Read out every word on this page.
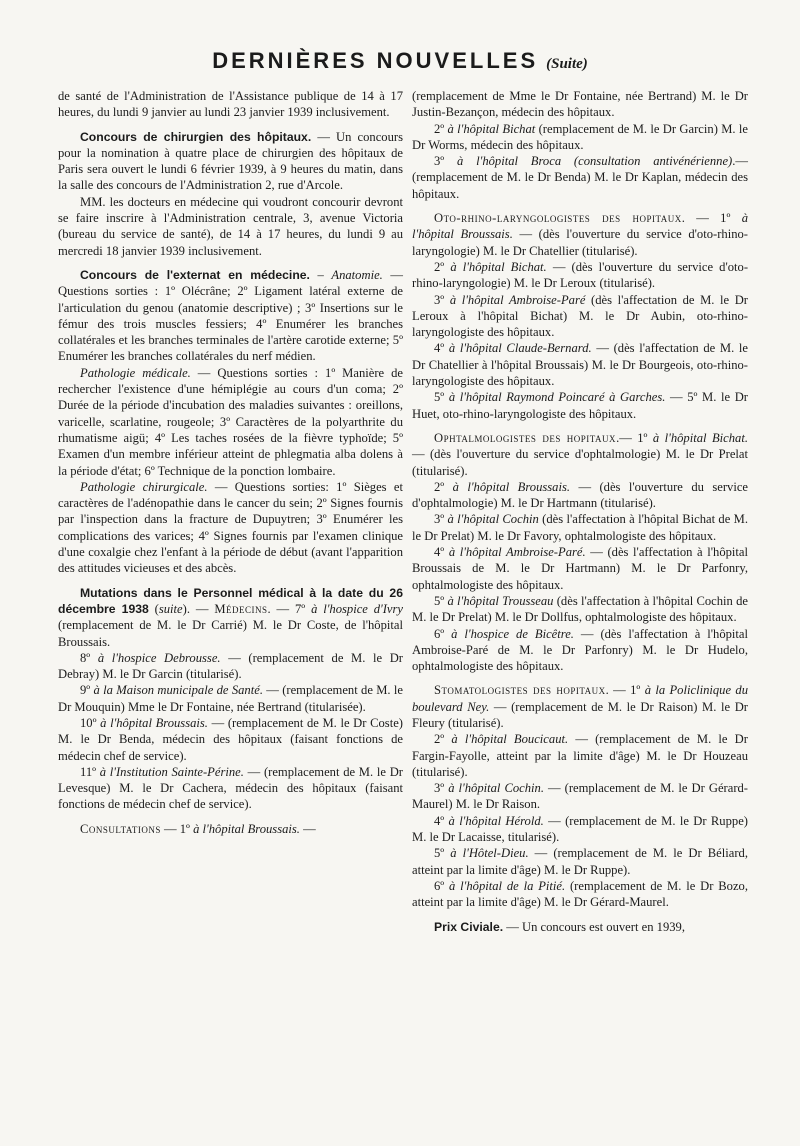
DERNIÈRES NOUVELLES (Suite)

de santé de l'Administration de l'Assistance publique de 14 à 17 heures, du lundi 9 janvier au lundi 23 janvier 1939 inclusivement.

Concours de chirurgien des hôpitaux. — Un concours pour la nomination à quatre place de chirurgien des hôpitaux de Paris sera ouvert le lundi 6 février 1939, à 9 heures du matin, dans la salle des concours de l'Administration 2, rue d'Arcole.

MM. les docteurs en médecine qui voudront concourir devront se faire inscrire à l'Administration centrale, 3, avenue Victoria (bureau du service de santé), de 14 à 17 heures, du lundi 9 au mercredi 18 janvier 1939 inclusivement.

Concours de l'externat en médecine. – Anatomie. — Questions sorties : 1º Olécrâne; 2º Ligament latéral externe de l'articulation du genou (anatomie descriptive) ; 3º Insertions sur le fémur des trois muscles fessiers; 4º Enumérer les branches collatérales et les branches terminales de l'artère carotide externe; 5º Enumérer les branches collatérales du nerf médien.

Pathologie médicale. — Questions sorties : 1º Manière de rechercher l'existence d'une hémiplégie au cours d'un coma; 2º Durée de la période d'incubation des maladies suivantes : oreillons, varicelle, scarlatine, rougeole; 3º Caractères de la polyarthrite du rhumatisme aigü; 4º Les taches rosées de la fièvre typhoïde; 5º Examen d'un membre inférieur atteint de phlegmatia alba dolens à la période d'état; 6º Technique de la ponction lombaire.

Pathologie chirurgicale. — Questions sorties: 1º Sièges et caractères de l'adénopathie dans le cancer du sein; 2º Signes fournis par l'inspection dans la fracture de Dupuytren; 3º Enumérer les complications des varices; 4º Signes fournis par l'examen clinique d'une coxalgie chez l'enfant à la période de début (avant l'apparition des attitudes vicieuses et des abcès.

Mutations dans le Personnel médical à la date du 26 décembre 1938 (suite). — Médecins. — 7º à l'hospice d'Ivry (remplacement de M. le Dr Carrié) M. le Dr Coste, de l'hôpital Broussais.

8º à l'hospice Debrousse. — (remplacement de M. le Dr Debray) M. le Dr Garcin (titularisé).

9º à la Maison municipale de Santé. — (remplacement de M. le Dr Mouquin) Mme le Dr Fontaine, née Bertrand (titularisée).

10º à l'hôpital Broussais. — (remplacement de M. le Dr Coste) M. le Dr Benda, médecin des hôpitaux (faisant fonctions de médecin chef de service).

11º à l'Institution Sainte-Périne. — (remplacement de M. le Dr Levesque) M. le Dr Cachera, médecin des hôpitaux (faisant fonctions de médecin chef de service).

Consultations — 1º à l'hôpital Broussais. —

(remplacement de Mme le Dr Fontaine, née Bertrand) M. le Dr Justin-Bezançon, médecin des hôpitaux.

2º à l'hôpital Bichat (remplacement de M. le Dr Garcin) M. le Dr Worms, médecin des hôpitaux.

3º à l'hôpital Broca (consultation antivénérienne).— (remplacement de M. le Dr Benda) M. le Dr Kaplan, médecin des hôpitaux.

Oto-rhino-laryngologistes des hopitaux. — 1º à l'hôpital Broussais. — (dès l'ouverture du service d'oto-rhino-laryngologie) M. le Dr Chatellier (titularisé).

2º à l'hôpital Bichat. — (dès l'ouverture du service d'oto-rhino-laryngologie) M. le Dr Leroux (titularisé).

3º à l'hôpital Ambroise-Paré (dès l'affectation de M. le Dr Leroux à l'hôpital Bichat) M. le Dr Aubin, oto-rhino-laryngologiste des hôpitaux.

4º à l'hôpital Claude-Bernard. — (dès l'affectation de M. le Dr Chatellier à l'hôpital Broussais) M. le Dr Bourgeois, oto-rhino-laryngologiste des hôpitaux.

5º à l'hôpital Raymond Poincaré à Garches. — 5º M. le Dr Huet, oto-rhino-laryngologiste des hôpitaux.

Ophtalmologistes des hopitaux.— 1º à l'hôpital Bichat. — (dès l'ouverture du service d'ophtalmologie) M. le Dr Prelat (titularisé).

2º à l'hôpital Broussais. — (dès l'ouverture du service d'ophtalmologie) M. le Dr Hartmann (titularisé).

3º à l'hôpital Cochin (dès l'affectation à l'hôpital Bichat de M. le Dr Prelat) M. le Dr Favory, ophtalmologiste des hôpitaux.

4º à l'hôpital Ambroise-Paré. — (dès l'affectation à l'hôpital Broussais de M. le Dr Hartmann) M. le Dr Parfonry, ophtalmologiste des hôpitaux.

5º à l'hôpital Trousseau (dès l'affectation à l'hôpital Cochin de M. le Dr Prelat) M. le Dr Dollfus, ophtalmologiste des hôpitaux.

6º à l'hospice de Bicêtre. — (dès l'affectation à l'hôpital Ambroise-Paré de M. le Dr Parfonry) M. le Dr Hudelo, ophtalmologiste des hôpitaux.

Stomatologistes des hopitaux. — 1º à la Policlinique du boulevard Ney. — (remplacement de M. le Dr Raison) M. le Dr Fleury (titularisé).

2º à l'hôpital Boucicaut. — (remplacement de M. le Dr Fargin-Fayolle, atteint par la limite d'âge) M. le Dr Houzeau (titularisé).

3º à l'hôpital Cochin. — (remplacement de M. le Dr Gérard-Maurel) M. le Dr Raison.

4º à l'hôpital Hérold. — (remplacement de M. le Dr Ruppe) M. le Dr Lacaisse, titularisé).

5º à l'Hôtel-Dieu. — (remplacement de M. le Dr Béliard, atteint par la limite d'âge) M. le Dr Ruppe).

6º à l'hôpital de la Pitié. (remplacement de M. le Dr Bozo, atteint par la limite d'âge) M. le Dr Gérard-Maurel.

Prix Civiale. — Un concours est ouvert en 1939,
